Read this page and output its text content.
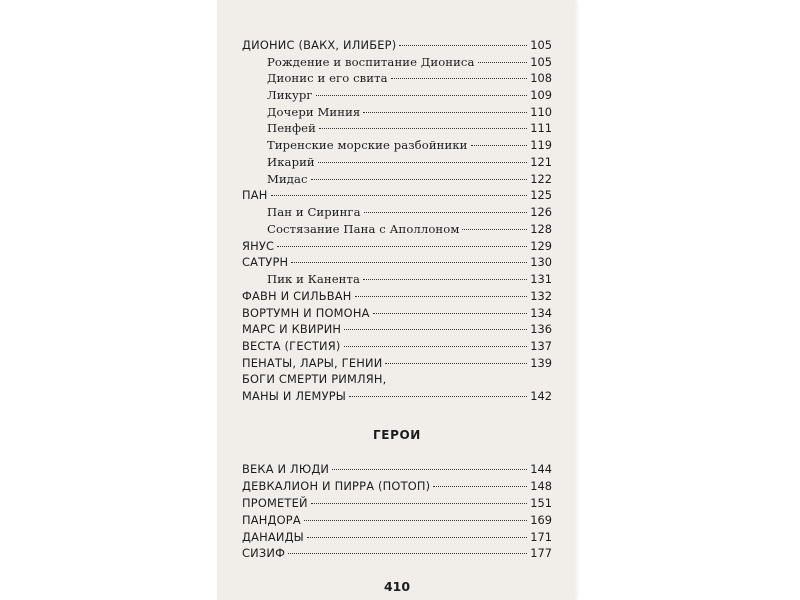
ДИОНИС (ВАКХ, ИЛИБЕР)	105
Рождение и воспитание Диониса	105
Дионис и его свита	108
Ликург	109
Дочери Миния	110
Пенфей	111
Тиренские морские разбойники	119
Икарий	121
Мидас	122
ПАН	125
Пан и Сиринга	126
Состязание Пана с Аполлоном	128
ЯНУС	129
САТУРН	130
Пик и Канента	131
ФАВН И СИЛЬВАН	132
ВОРТУМН И ПОМОНА	134
МАРС И КВИРИН	136
ВЕСТА (ГЕСТИЯ)	137
ПЕНАТЫ, ЛАРЫ, ГЕНИИ	139
БОГИ СМЕРТИ РИМЛЯН,
МАНЫ И ЛЕМУРЫ	142
ГЕРОИ
ВЕКА И ЛЮДИ	144
ДЕВКАЛИОН И ПИРРА (ПОТОП)	148
ПРОМЕТЕЙ	151
ПАНДОРА	169
ДАНАИДЫ	171
СИЗИФ	177
410
